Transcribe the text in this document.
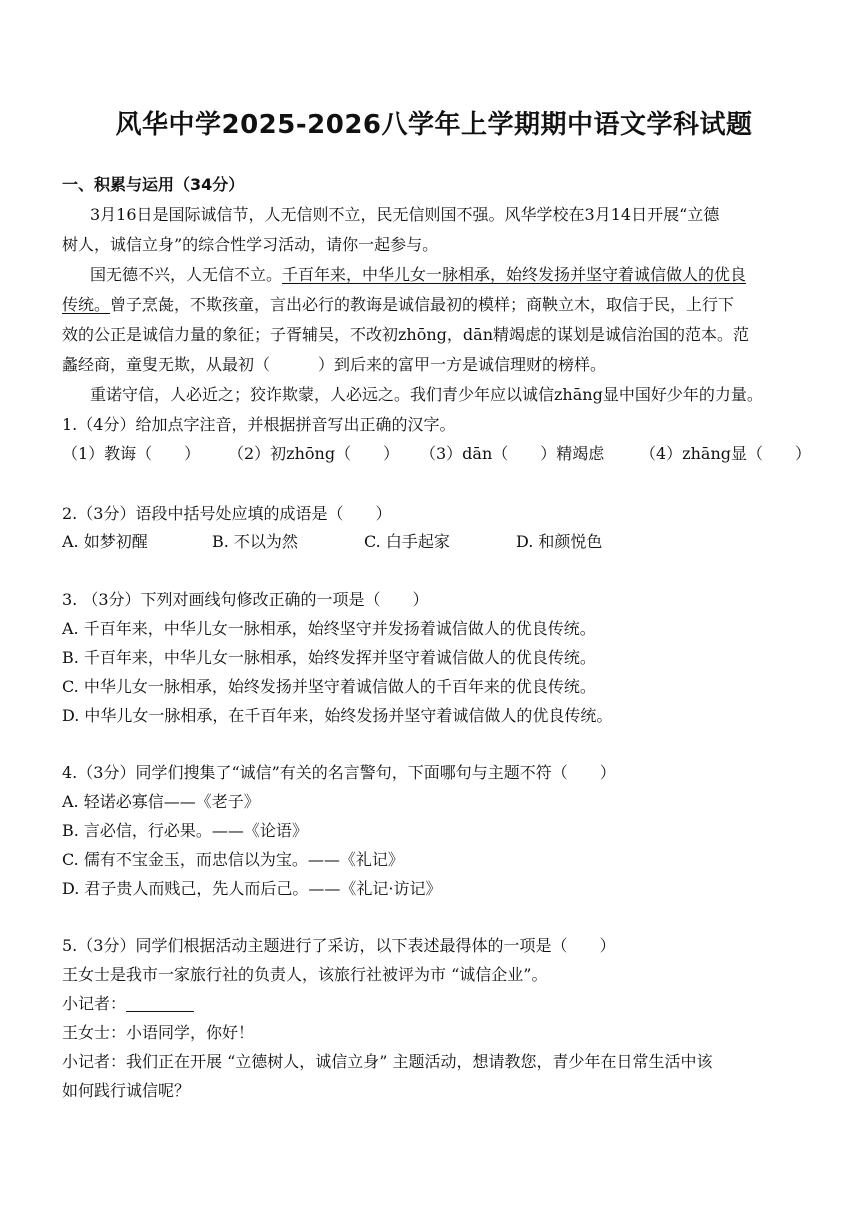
风华中学2025-2026八学年上学期期中语文学科试题
一、积累与运用（34分）
3月16日是国际诚信节，人无信则不立，民无信则国不强。风华学校在3月14日开展“立德
树人，诚信立身”的综合性学习活动，请你一起参与。
国无德不兴，人无信不立。千百年来，中华儿女一脉相承，始终发扬并坚守着诚信做人的优良
传统。曾子烹彘，不欺孩童，言出必行的教诲是诚信最初的模样；商鞅立木，取信于民，上行下
效的公正是诚信力量的象征；子胥辅吴，不改初zhōng，dān精竭虑的谋划是诚信治国的范本。范
蠡经商，童叟无欺，从最初（　　　）到后来的富甲一方是诚信理财的榜样。
重诺守信，人必近之；狡诈欺蒙，人必远之。我们青少年应以诚信zhāng显中国好少年的力量。
1.（4分）给加点字注音，并根据拼音写出正确的汉字。
（1）教诲（　　） （2）初zhōng（　　） （3）dān（　　）精竭虑 （4）zhāng显（　　）
2.（3分）语段中括号处应填的成语是（　　）
A. 如梦初醒	B. 不以为然	C. 白手起家	D. 和颜悦色
3. （3分）下列对画线句修改正确的一项是（　　）
A. 千百年来，中华儿女一脉相承，始终坚守并发扬着诚信做人的优良传统。
B. 千百年来，中华儿女一脉相承，始终发挥并坚守着诚信做人的优良传统。
C. 中华儿女一脉相承，始终发扬并坚守着诚信做人的千百年来的优良传统。
D. 中华儿女一脉相承，在千百年来，始终发扬并坚守着诚信做人的优良传统。
4.（3分）同学们搜集了“诚信”有关的名言警句，下面哪句与主题不符（　　）
A. 轻诺必寡信——《老子》
B. 言必信，行必果。——《论语》
C. 儒有不宝金玉，而忠信以为宝。——《礼记》
D. 君子贵人而贱己，先人而后己。——《礼记·访记》
5.（3分）同学们根据活动主题进行了采访，以下表述最得体的一项是（　　）
王女士是我市一家旅行社的负责人，该旅行社被评为市 “诚信企业”。
小记者：
王女士：小语同学，你好！
小记者：我们正在开展 “立德树人，诚信立身” 主题活动，想请教您，青少年在日常生活中该
如何践行诚信呢？
